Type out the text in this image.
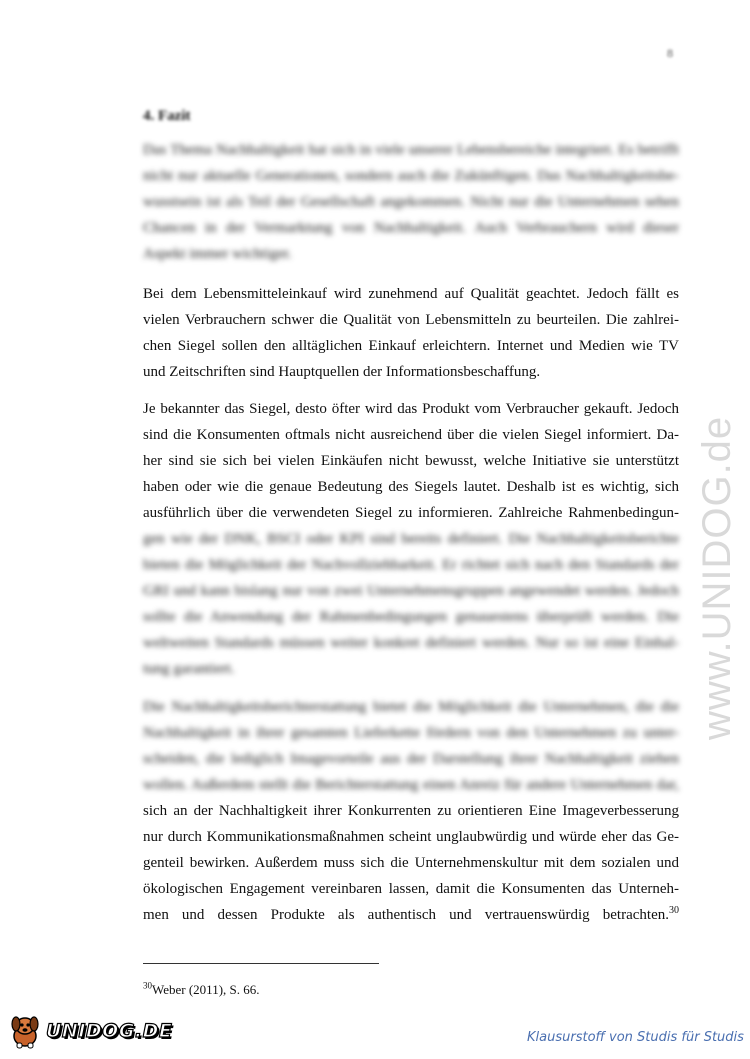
8
www.UNIDOG.de
4. Fazit
Das Thema Nachhaltigkeit hat sich in viele unserer Lebensbereiche integriert. Es betrifft
nicht nur aktuelle Generationen, sondern auch die Zukünftigen. Das Nachhaltigkeitsbe-
wusstsein ist als Teil der Gesellschaft angekommen. Nicht nur die Unternehmen sehen
Chancen in der Vermarktung von Nachhaltigkeit. Auch Verbrauchern wird dieser
Aspekt immer wichtiger.
Bei dem Lebensmitteleinkauf wird zunehmend auf Qualität geachtet. Jedoch fällt es
vielen Verbrauchern schwer die Qualität von Lebensmitteln zu beurteilen. Die zahlrei-
chen Siegel sollen den alltäglichen Einkauf erleichtern. Internet und Medien wie TV
und Zeitschriften sind Hauptquellen der Informationsbeschaffung.
Je bekannter das Siegel, desto öfter wird das Produkt vom Verbraucher gekauft. Jedoch
sind die Konsumenten oftmals nicht ausreichend über die vielen Siegel informiert. Da-
her sind sie sich bei vielen Einkäufen nicht bewusst, welche Initiative sie unterstützt
haben oder wie die genaue Bedeutung des Siegels lautet. Deshalb ist es wichtig, sich
ausführlich über die verwendeten Siegel zu informieren. Zahlreiche Rahmenbedingun-
gen wie der DNK, BSCI oder KPI sind bereits definiert. Die Nachhaltigkeitsberichte
bieten die Möglichkeit der Nachvollziehbarkeit. Er richtet sich nach den Standards der
GRI und kann bislang nur von zwei Unternehmensgruppen angewendet werden. Jedoch
sollte die Anwendung der Rahmenbedingungen genauestens überprüft werden. Die
weltweiten Standards müssen weiter konkret definiert werden. Nur so ist eine Einhal-
tung garantiert.
Die Nachhaltigkeitsberichterstattung bietet die Möglichkeit die Unternehmen, die die
Nachhaltigkeit in ihrer gesamten Lieferkette fördern von den Unternehmen zu unter-
scheiden, die lediglich Imagevorteile aus der Darstellung ihrer Nachhaltigkeit ziehen
wollen. Außerdem stellt die Berichterstattung einen Anreiz für andere Unternehmen dar,
sich an der Nachhaltigkeit ihrer Konkurrenten zu orientieren Eine Imageverbesserung
nur durch Kommunikationsmaßnahmen scheint unglaubwürdig und würde eher das Ge-
genteil bewirken. Außerdem muss sich die Unternehmenskultur mit dem sozialen und
ökologischen Engagement vereinbaren lassen, damit die Konsumenten das Unterneh-
men und dessen Produkte als authentisch und vertrauenswürdig betrachten.$^{30}$
$^{30}$Weber (2011), S. 66.
UNIDOG.DE	Klausurstoff von Studis für Studis
